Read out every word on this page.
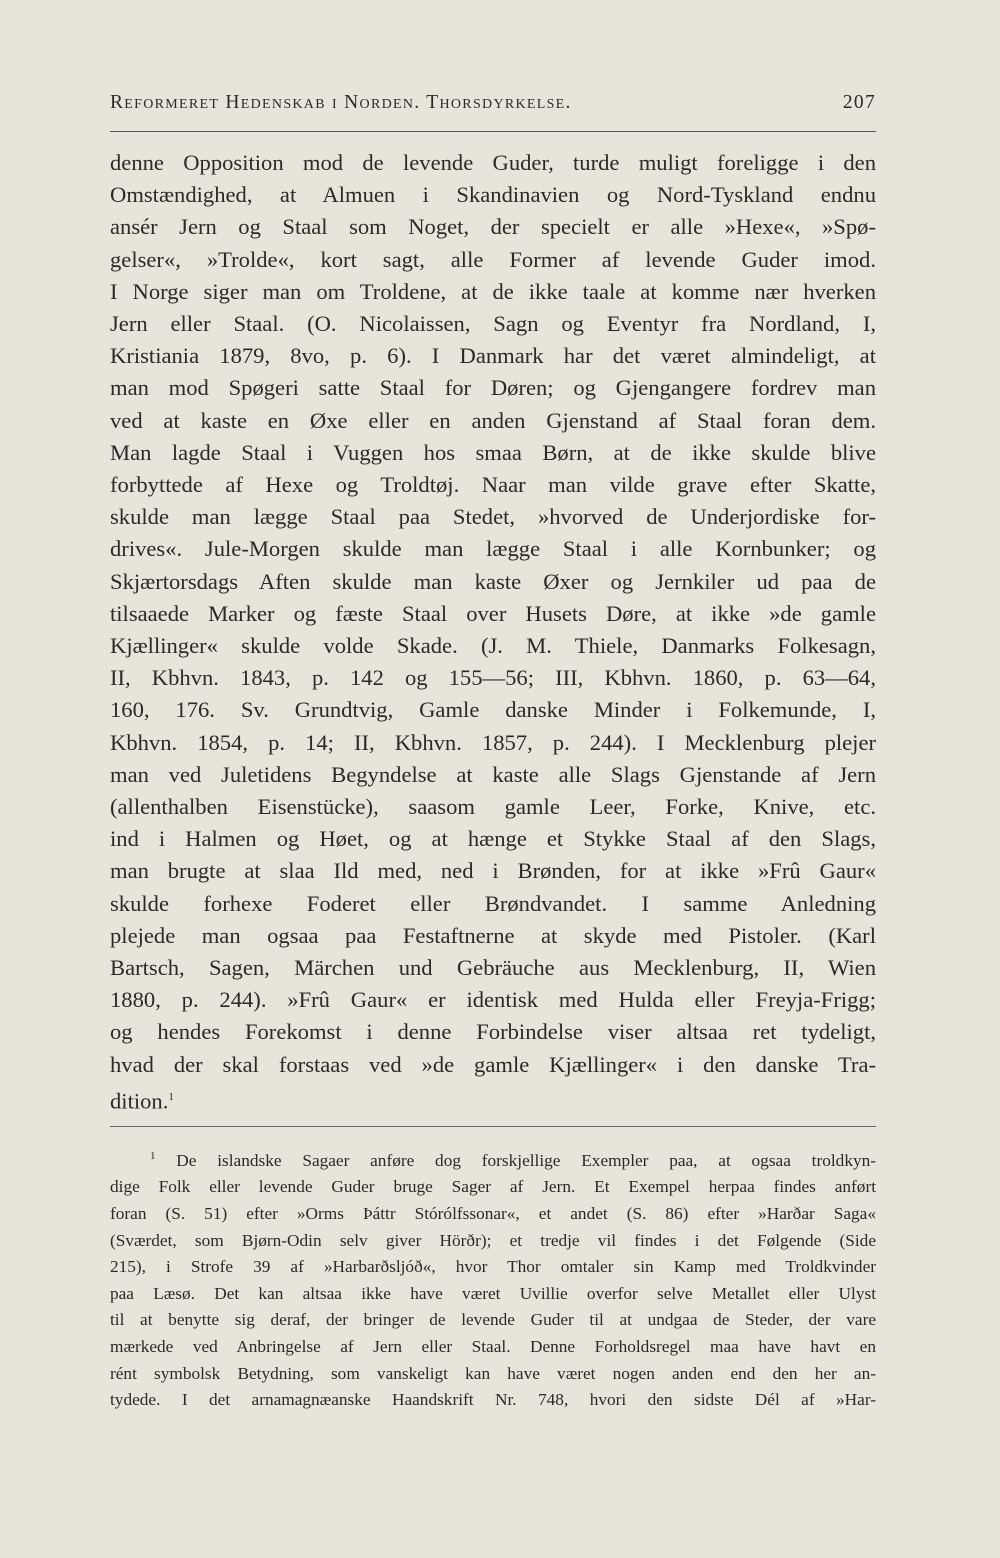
Reformeret Hedenskab i Norden. Thorsdyrkelse.	207
denne Opposition mod de levende Guder, turde muligt foreligge i den
Omstændighed, at Almuen i Skandinavien og Nord-Tyskland endnu
ansér Jern og Staal som Noget, der specielt er alle »Hexe«, »Spø-
gelser«, »Trolde«, kort sagt, alle Former af levende Guder imod.
I Norge siger man om Troldene, at de ikke taale at komme nær hverken
Jern eller Staal. (O. Nicolaissen, Sagn og Eventyr fra Nordland, I,
Kristiania 1879, 8vo, p. 6). I Danmark har det været almindeligt, at
man mod Spøgeri satte Staal for Døren; og Gjengangere fordrev man
ved at kaste en Øxe eller en anden Gjenstand af Staal foran dem.
Man lagde Staal i Vuggen hos smaa Børn, at de ikke skulde blive
forbyttede af Hexe og Troldtøj. Naar man vilde grave efter Skatte,
skulde man lægge Staal paa Stedet, »hvorved de Underjordiske for-
drives«. Jule-Morgen skulde man lægge Staal i alle Kornbunker; og
Skjærtorsdags Aften skulde man kaste Øxer og Jernkiler ud paa de
tilsaaede Marker og fæste Staal over Husets Døre, at ikke »de gamle
Kjællinger« skulde volde Skade. (J. M. Thiele, Danmarks Folkesagn,
II, Kbhvn. 1843, p. 142 og 155—56; III, Kbhvn. 1860, p. 63—64,
160, 176. Sv. Grundtvig, Gamle danske Minder i Folkemunde, I,
Kbhvn. 1854, p. 14; II, Kbhvn. 1857, p. 244). I Mecklenburg plejer
man ved Juletidens Begyndelse at kaste alle Slags Gjenstande af Jern
(allenthalben Eisenstücke), saasom gamle Leer, Forke, Knive, etc.
ind i Halmen og Høet, og at hænge et Stykke Staal af den Slags,
man brugte at slaa Ild med, ned i Brønden, for at ikke »Frû Gaur«
skulde forhexe Foderet eller Brøndvandet. I samme Anledning
plejede man ogsaa paa Festaftnerne at skyde med Pistoler. (Karl
Bartsch, Sagen, Märchen und Gebräuche aus Mecklenburg, II, Wien
1880, p. 244). »Frû Gaur« er identisk med Hulda eller Freyja-Frigg;
og hendes Forekomst i denne Forbindelse viser altsaa ret tydeligt,
hvad der skal forstaas ved »de gamle Kjællinger« i den danske Tra-
dition.$^1$
$^1$ De islandske Sagaer anføre dog forskjellige Exempler paa, at ogsaa troldkyn-
dige Folk eller levende Guder bruge Sager af Jern. Et Exempel herpaa findes anført
foran (S. 51) efter »Orms Þáttr Stórólfssonar«, et andet (S. 86) efter »Harðar Saga«
(Sværdet, som Bjørn-Odin selv giver Hörðr); et tredje vil findes i det Følgende (Side
215), i Strofe 39 af »Harbarðsljóð«, hvor Thor omtaler sin Kamp med Troldkvinder
paa Læsø. Det kan altsaa ikke have været Uvillie overfor selve Metallet eller Ulyst
til at benytte sig deraf, der bringer de levende Guder til at undgaa de Steder, der vare
mærkede ved Anbringelse af Jern eller Staal. Denne Forholdsregel maa have havt en
rént symbolsk Betydning, som vanskeligt kan have været nogen anden end den her an-
tydede. I det arnamagnæanske Haandskrift Nr. 748, hvori den sidste Dél af »Har-
